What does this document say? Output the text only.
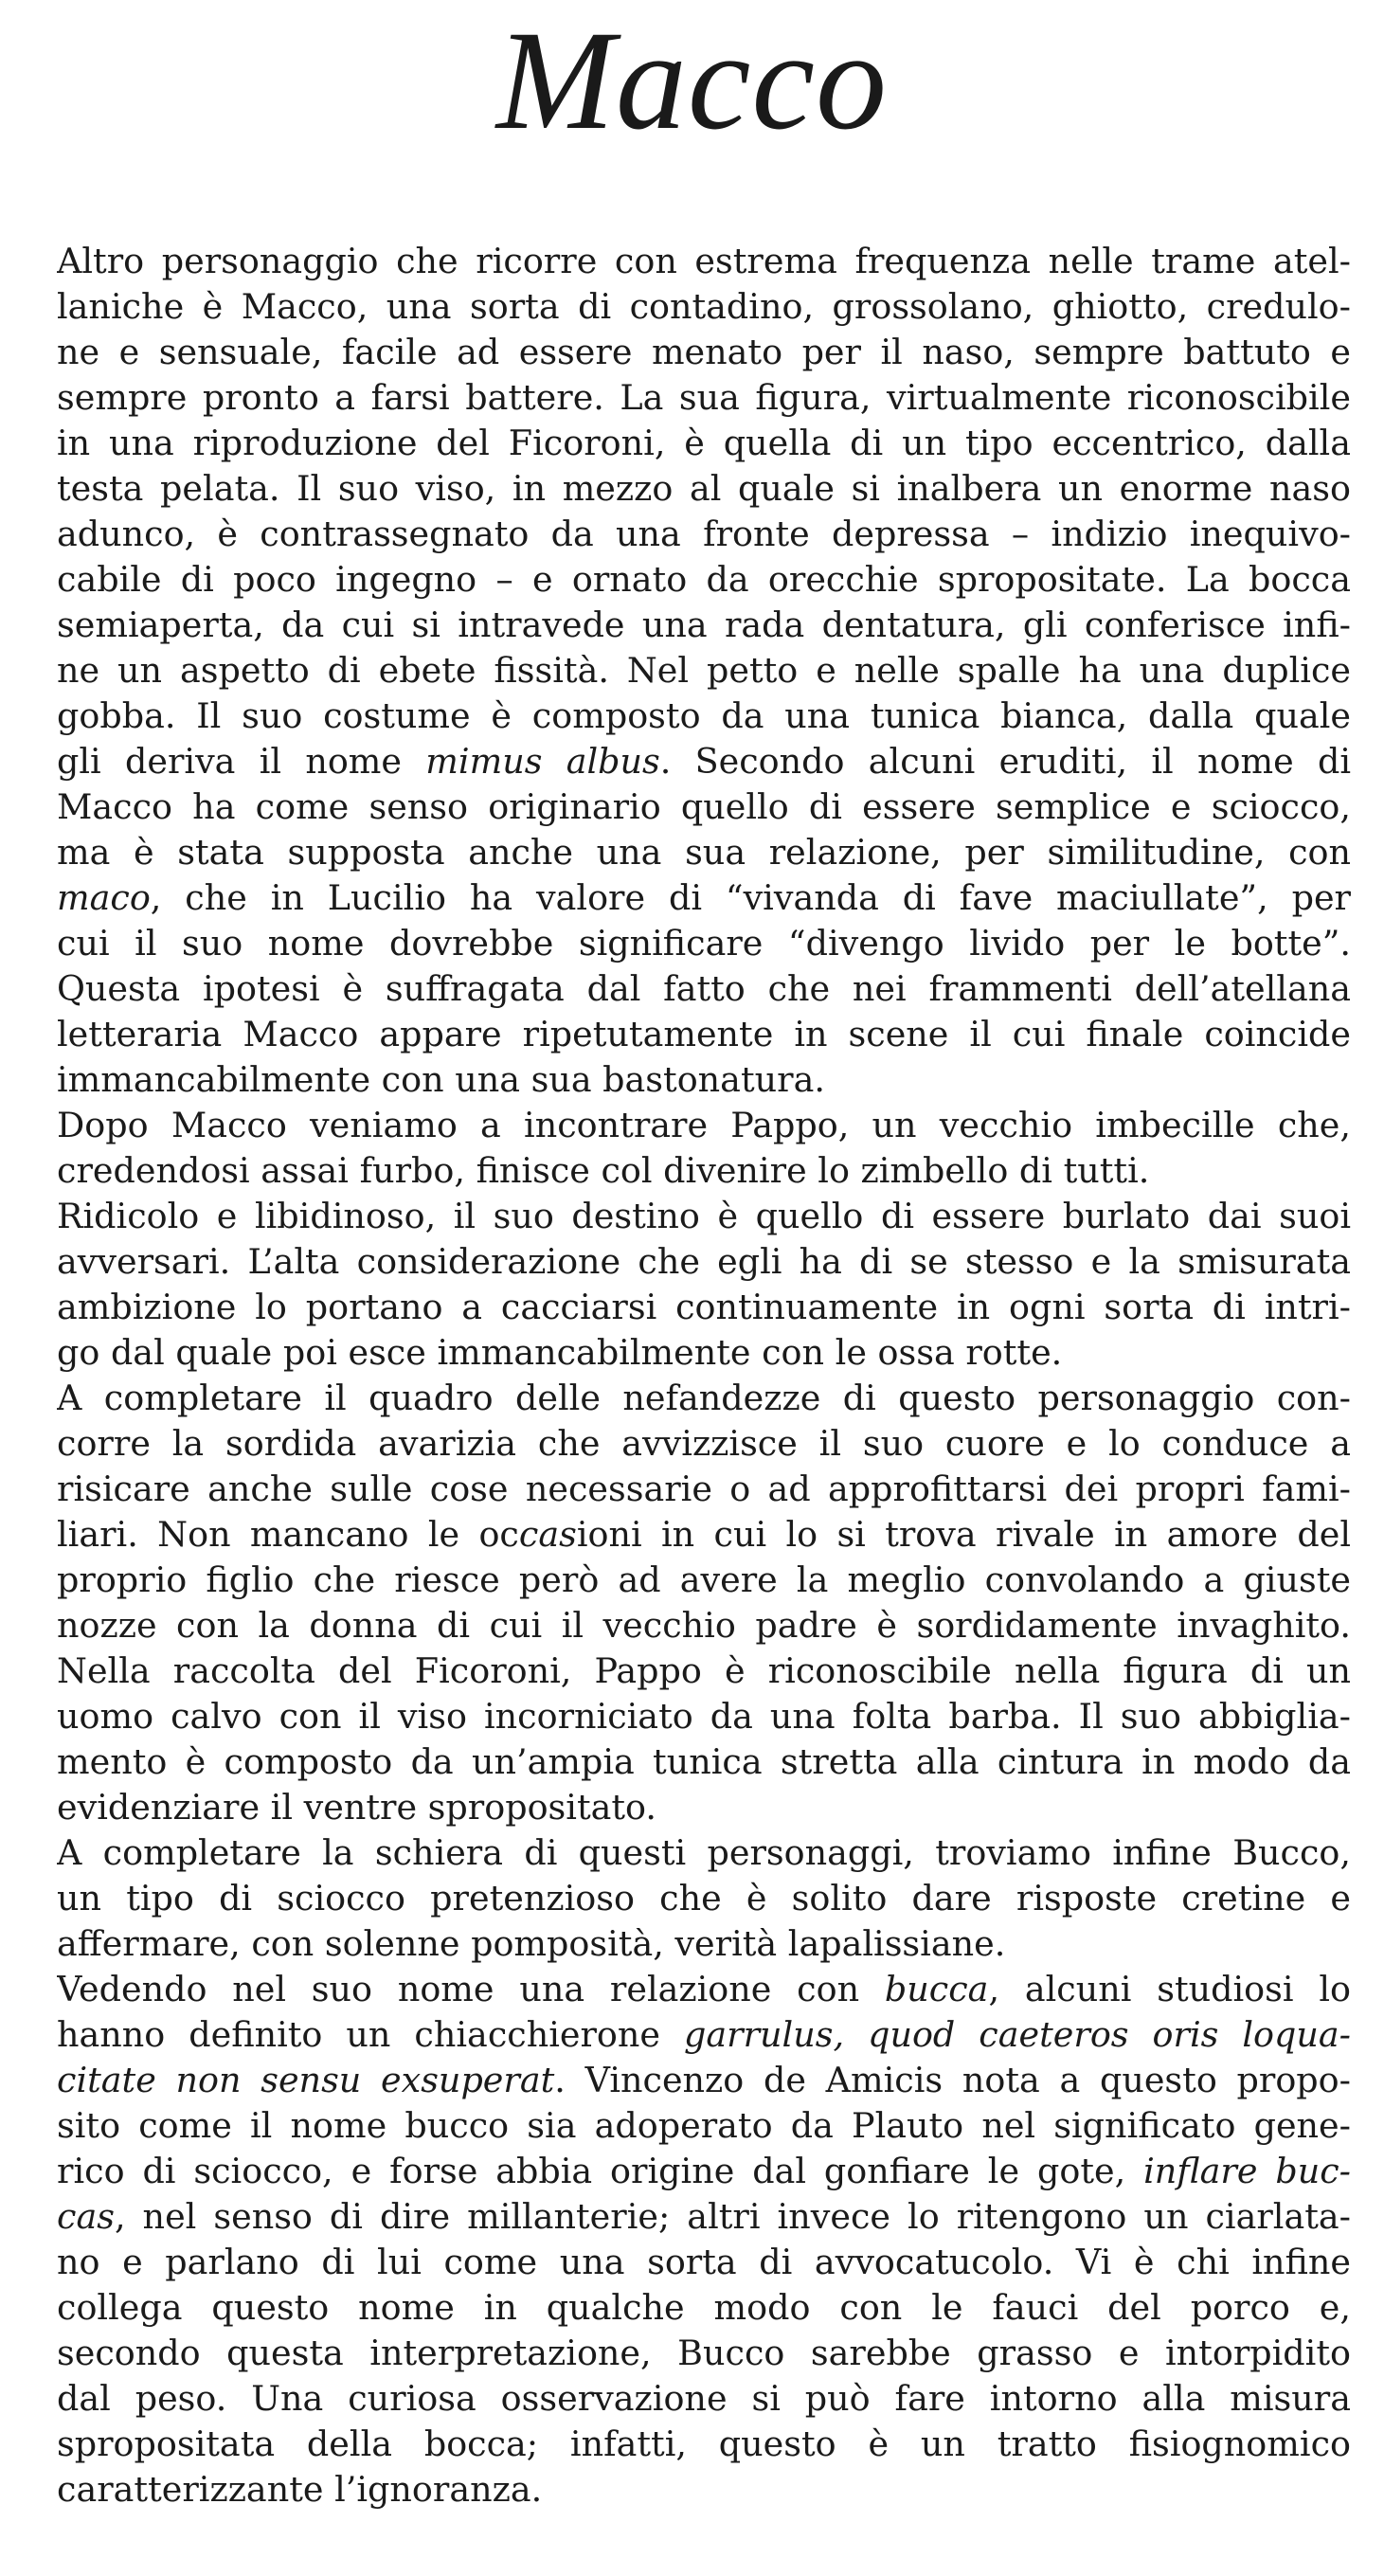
Macco
Altro personaggio che ricorre con estrema frequenza nelle trame atel-
laniche è Macco, una sorta di contadino, grossolano, ghiotto, credulo-
ne e sensuale, facile ad essere menato per il naso, sempre battuto e
sempre pronto a farsi battere. La sua figura, virtualmente riconoscibile
in una riproduzione del Ficoroni, è quella di un tipo eccentrico, dalla
testa pelata. Il suo viso, in mezzo al quale si inalbera un enorme naso
adunco, è contrassegnato da una fronte depressa – indizio inequivo-
cabile di poco ingegno – e ornato da orecchie spropositate. La bocca
semiaperta, da cui si intravede una rada dentatura, gli conferisce infi-
ne un aspetto di ebete fissità. Nel petto e nelle spalle ha una duplice
gobba. Il suo costume è composto da una tunica bianca, dalla quale
gli deriva il nome mimus albus. Secondo alcuni eruditi, il nome di
Macco ha come senso originario quello di essere semplice e sciocco,
ma è stata supposta anche una sua relazione, per similitudine, con
maco, che in Lucilio ha valore di “vivanda di fave maciullate”, per
cui il suo nome dovrebbe significare “divengo livido per le botte”.
Questa ipotesi è suffragata dal fatto che nei frammenti dell’atellana
letteraria Macco appare ripetutamente in scene il cui finale coincide
immancabilmente con una sua bastonatura.
Dopo Macco veniamo a incontrare Pappo, un vecchio imbecille che,
credendosi assai furbo, finisce col divenire lo zimbello di tutti.
Ridicolo e libidinoso, il suo destino è quello di essere burlato dai suoi
avversari. L’alta considerazione che egli ha di se stesso e la smisurata
ambizione lo portano a cacciarsi continuamente in ogni sorta di intri-
go dal quale poi esce immancabilmente con le ossa rotte.
A completare il quadro delle nefandezze di questo personaggio con-
corre la sordida avarizia che avvizzisce il suo cuore e lo conduce a
risicare anche sulle cose necessarie o ad approfittarsi dei propri fami-
liari. Non mancano le occasioni in cui lo si trova rivale in amore del
proprio figlio che riesce però ad avere la meglio convolando a giuste
nozze con la donna di cui il vecchio padre è sordidamente invaghito.
Nella raccolta del Ficoroni, Pappo è riconoscibile nella figura di un
uomo calvo con il viso incorniciato da una folta barba. Il suo abbiglia-
mento è composto da un’ampia tunica stretta alla cintura in modo da
evidenziare il ventre spropositato.
A completare la schiera di questi personaggi, troviamo infine Bucco,
un tipo di sciocco pretenzioso che è solito dare risposte cretine e
affermare, con solenne pomposità, verità lapalissiane.
Vedendo nel suo nome una relazione con bucca, alcuni studiosi lo
hanno definito un chiacchierone garrulus, quod caeteros oris loqua-
citate non sensu exsuperat. Vincenzo de Amicis nota a questo propo-
sito come il nome bucco sia adoperato da Plauto nel significato gene-
rico di sciocco, e forse abbia origine dal gonfiare le gote, inflare buc-
cas, nel senso di dire millanterie; altri invece lo ritengono un ciarlata-
no e parlano di lui come una sorta di avvocatucolo. Vi è chi infine
collega questo nome in qualche modo con le fauci del porco e,
secondo questa interpretazione, Bucco sarebbe grasso e intorpidito
dal peso. Una curiosa osservazione si può fare intorno alla misura
spropositata della bocca; infatti, questo è un tratto fisiognomico
caratterizzante l’ignoranza.
